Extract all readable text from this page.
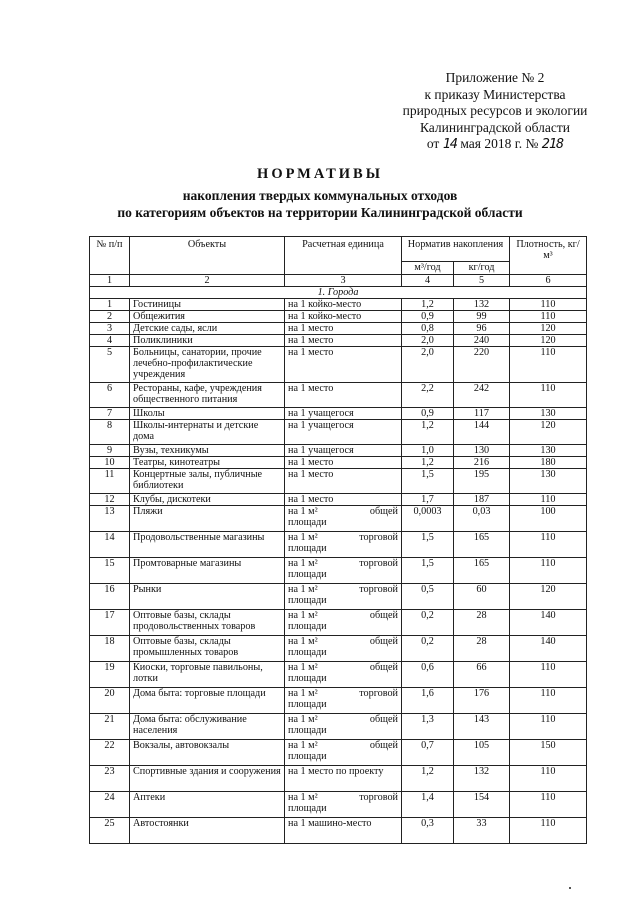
Приложение № 2
к приказу Министерства
природных ресурсов и экологии
Калининградской области
от 14 мая 2018 г. № 218
НОРМАТИВЫ
накопления твердых коммунальных отходов
по категориям объектов на территории Калининградской области
№ п/п	Объекты	Расчетная единица	Норматив накопления		Плотность, кг/м³
			м³/год	кг/год	
1	2	3	4	5	6
1. Города					
1	Гостиницы	на 1 койко-место	1,2	132	110
2	Общежития	на 1 койко-место	0,9	99	110
3	Детские сады, ясли	на 1 место	0,8	96	120
4	Поликлиники	на 1 место	2,0	240	120
5	Больницы, санатории, прочие лечебно-профилактические учреждения	на 1 место	2,0	220	110
6	Рестораны, кафе, учреждения общественного питания	на 1 место	2,2	242	110
7	Школы	на 1 учащегося	0,9	117	130
8	Школы-интернаты и детские дома	на 1 учащегося	1,2	144	120
9	Вузы, техникумы	на 1 учащегося	1,0	130	130
10	Театры, кинотеатры	на 1 место	1,2	216	180
11	Концертные залы, публичные библиотеки	на 1 место	1,5	195	130
12	Клубы, дискотеки	на 1 место	1,7	187	110
13	Пляжи	на 1 м² общей
площади	0,0003	0,03	100
14	Продовольственные магазины	на 1 м² торговой
площади	1,5	165	110
15	Промтоварные магазины	на 1 м² торговой
площади	1,5	165	110
16	Рынки	на 1 м² торговой
площади	0,5	60	120
17	Оптовые базы, склады продовольственных товаров	на 1 м² общей
площади	0,2	28	140
18	Оптовые базы, склады промышленных товаров	на 1 м² общей
площади	0,2	28	140
19	Киоски, торговые павильоны, лотки	на 1 м² общей
площади	0,6	66	110
20	Дома быта: торговые площади	на 1 м² торговой
площади	1,6	176	110
21	Дома быта: обслуживание населения	на 1 м² общей
площади	1,3	143	110
22	Вокзалы, автовокзалы	на 1 м² общей
площади	0,7	105	150
23	Спортивные здания и сооружения	на 1 место по проекту	1,2	132	110
24	Аптеки	на 1 м² торговой
площади	1,4	154	110
25	Автостоянки	на 1 машино-место	0,3	33	110
